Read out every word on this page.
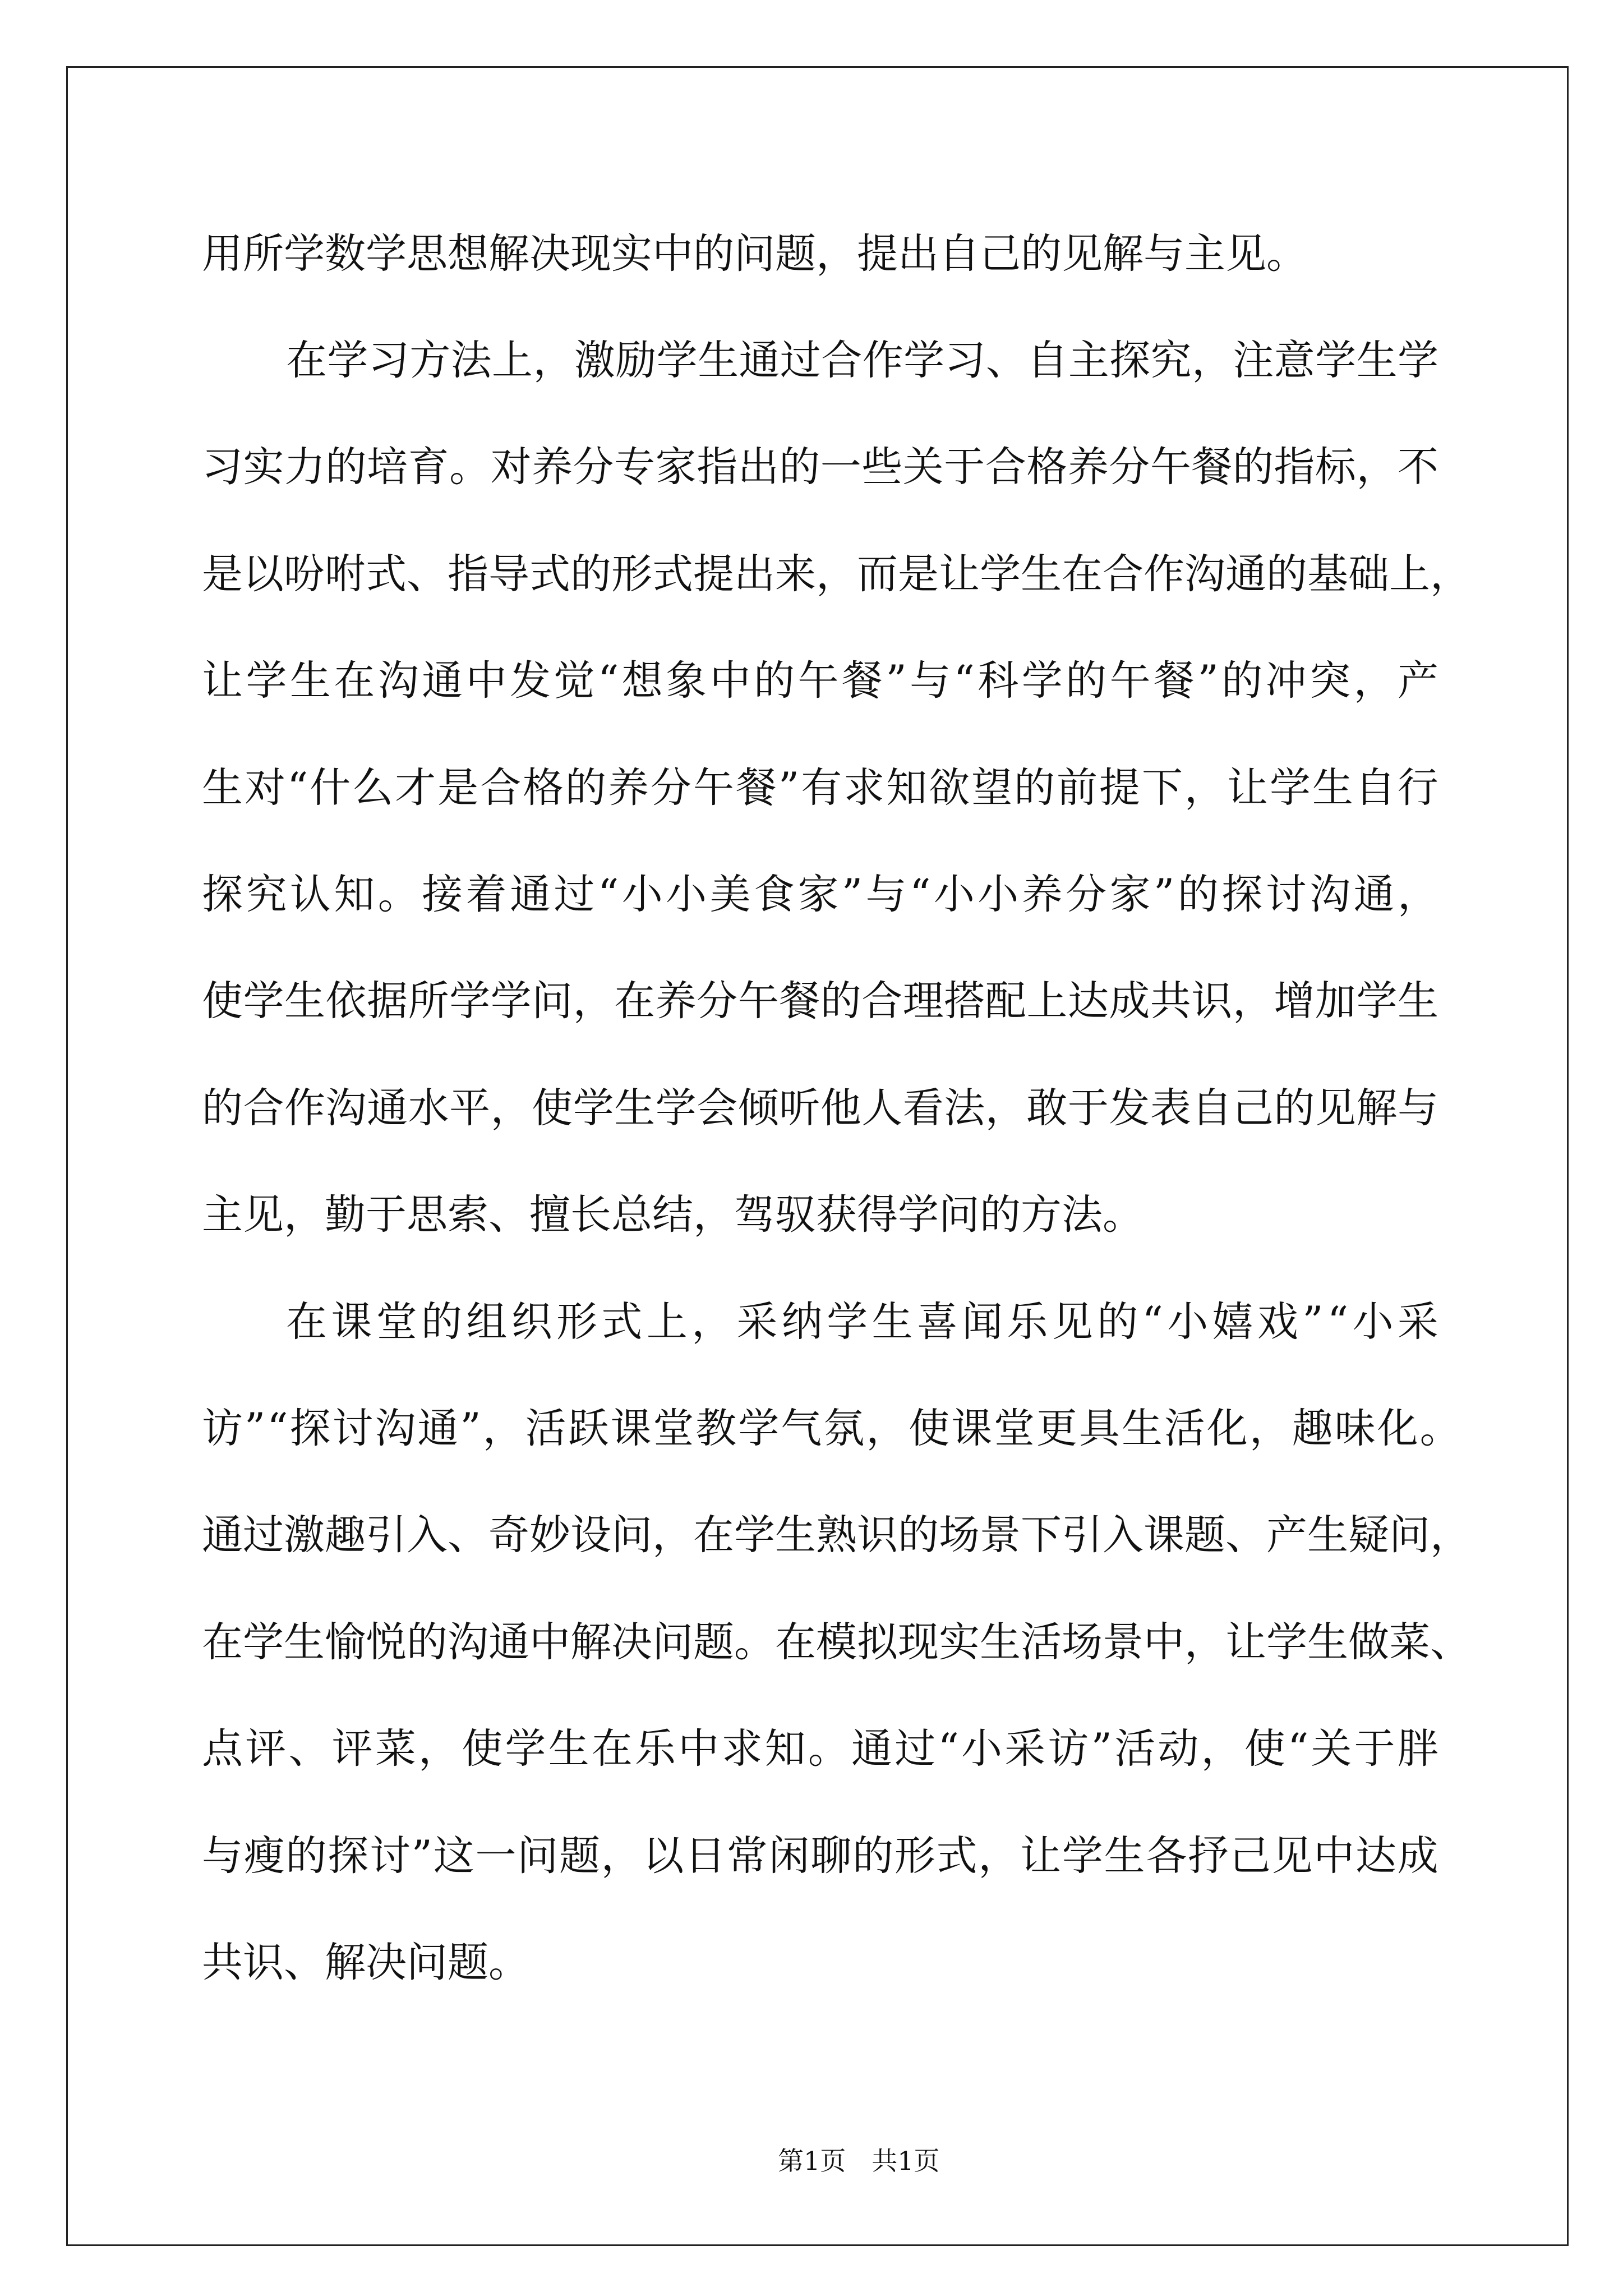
用 所 学 数 学 思 想 解 决 现 实 中 的 问 题 ， 提 出 自 己 的 见 解 与 主 见 。
在 学 习 方 法 上 ， 激 励 学 生 通 过 合 作 学 习 、 自 主 探 究 ， 注 意 学 生 学
习 实 力 的 培 育 。 对 养 分 专 家 指 出 的 一 些 关 于 合 格 养 分 午 餐 的 指 标 ， 不
是 以 吩 咐 式 、 指 导 式 的 形 式 提 出 来 ， 而 是 让 学 生 在 合 作 沟 通 的 基 础 上 ，
让 学 生 在 沟 通 中 发 觉 “ 想 象 中 的 午 餐 ” 与 “ 科 学 的 午 餐 ” 的 冲 突 ， 产
生 对 “ 什 么 才 是 合 格 的 养 分 午 餐 ” 有 求 知 欲 望 的 前 提 下 ， 让 学 生 自 行
探 究 认 知 。 接 着 通 过 “ 小 小 美 食 家 ” 与 “ 小 小 养 分 家 ” 的 探 讨 沟 通 ，
使 学 生 依 据 所 学 学 问 ， 在 养 分 午 餐 的 合 理 搭 配 上 达 成 共 识 ， 增 加 学 生
的 合 作 沟 通 水 平 ， 使 学 生 学 会 倾 听 他 人 看 法 ， 敢 于 发 表 自 己 的 见 解 与
主 见 ， 勤 于 思 索 、 擅 长 总 结 ， 驾 驭 获 得 学 问 的 方 法 。
在 课 堂 的 组 织 形 式 上 ， 采 纳 学 生 喜 闻 乐 见 的 “ 小 嬉 戏 ” “ 小 采
访 ” “ 探 讨 沟 通 ” ， 活 跃 课 堂 教 学 气 氛 ， 使 课 堂 更 具 生 活 化 ， 趣 味 化 。
通 过 激 趣 引 入 、 奇 妙 设 问 ， 在 学 生 熟 识 的 场 景 下 引 入 课 题 、 产 生 疑 问 ，
在 学 生 愉 悦 的 沟 通 中 解 决 问 题 。 在 模 拟 现 实 生 活 场 景 中 ， 让 学 生 做 菜 、
点 评 、 评 菜 ， 使 学 生 在 乐 中 求 知 。 通 过 “ 小 采 访 ” 活 动 ， 使 “ 关 于 胖
与 瘦 的 探 讨 ” 这 一 问 题 ， 以 日 常 闲 聊 的 形 式 ， 让 学 生 各 抒 己 见 中 达 成
共 识 、 解 决 问 题 。
第1页　共1页
